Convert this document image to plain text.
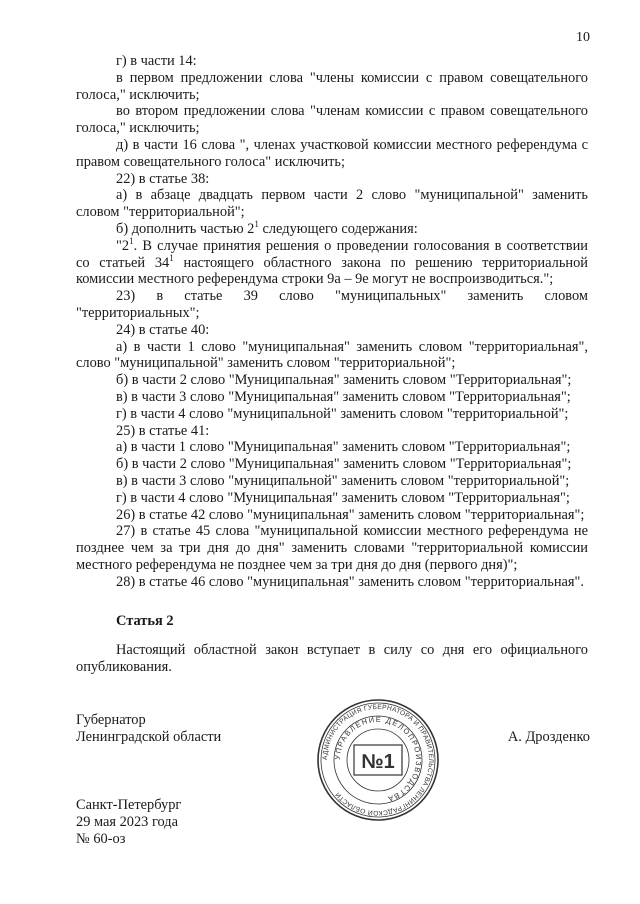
10

г) в части 14:

в первом предложении слова "члены комиссии с правом совещательного голоса," исключить;

во втором предложении слова "членам комиссии с правом совещательного голоса," исключить;

д) в части 16 слова ", членах участковой комиссии местного референдума с правом совещательного голоса" исключить;

22) в статье 38:

а) в абзаце двадцать первом части 2 слово "муниципальной" заменить словом "территориальной";

б) дополнить частью $2^1$ следующего содержания:

"$2^1$. В случае принятия решения о проведении голосования в соответствии со статьей $34^1$ настоящего областного закона по решению территориальной комиссии местного референдума строки 9а – 9е могут не воспроизводиться.";

23) в статье 39 слово "муниципальных" заменить словом "территориальных";

24) в статье 40:

а) в части 1 слово "муниципальная" заменить словом "территориальная", слово "муниципальной" заменить словом "территориальной";

б) в части 2 слово "Муниципальная" заменить словом "Территориальная";

в) в части 3 слово "Муниципальная" заменить словом "Территориальная";

г) в части 4 слово "муниципальной" заменить словом "территориальной";

25) в статье 41:

а) в части 1 слово "Муниципальная" заменить словом "Территориальная";

б) в части 2 слово "Муниципальная" заменить словом "Территориальная";

в) в части 3 слово "муниципальной" заменить словом "территориальной";

г) в части 4 слово "Муниципальная" заменить словом "Территориальная";

26) в статье 42 слово "муниципальная" заменить словом "территориальная";

27) в статье 45 слова "муниципальной комиссии местного референдума не позднее чем за три дня до дня" заменить словами "территориальной комиссии местного референдума не позднее чем за три дня до дня (первого дня)";

28) в статье 46 слово "муниципальная" заменить словом "территориальная".

Статья 2

Настоящий областной закон вступает в силу со дня его официального опубликования.

Губернатор
Ленинградской области	А. Дрозденко
АДМИНИСТРАЦИЯ ГУБЕРНАТОРА И ПРАВИТЕЛЬСТВА ЛЕНИНГРАДСКОЙ ОБЛАСТИ
УПРАВЛЕНИЕ ДЕЛОПРОИЗВОДСТВА
№1
Санкт-Петербург
29 мая 2023 года
№ 60-оз
